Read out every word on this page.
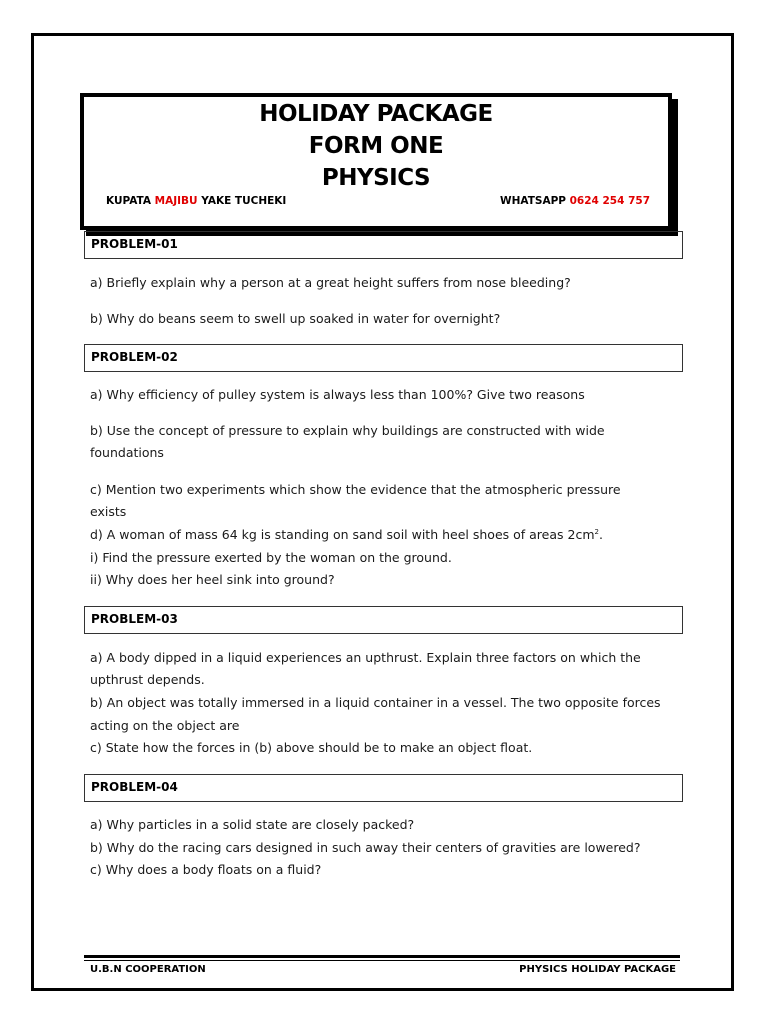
HOLIDAY PACKAGE
FORM ONE
PHYSICS
KUPATA MAJIBU YAKE TUCHEKI	WHATSAPP 0624 254 757
PROBLEM-01
a) Briefly explain why a person at a great height suffers from nose bleeding?
b) Why do beans seem to swell up soaked in water for overnight?
PROBLEM-02
a) Why efficiency of pulley system is always less than 100%? Give two reasons
b) Use the concept of pressure to explain why buildings are constructed with wide
foundations
c) Mention two experiments which show the evidence that the atmospheric pressure
exists
d) A woman of mass 64 kg is standing on sand soil with heel shoes of areas $2cm^2$.
i) Find the pressure exerted by the woman on the ground.
ii) Why does her heel sink into ground?
PROBLEM-03
a) A body dipped in a liquid experiences an upthrust. Explain three factors on which the
upthrust depends.
b) An object was totally immersed in a liquid container in a vessel. The two opposite forces
acting on the object are
c) State how the forces in (b) above should be to make an object float.
PROBLEM-04
a) Why particles in a solid state are closely packed?
b) Why do the racing cars designed in such away their centers of gravities are lowered?
c) Why does a body floats on a fluid?
U.B.N COOPERATION	PHYSICS HOLIDAY PACKAGE
